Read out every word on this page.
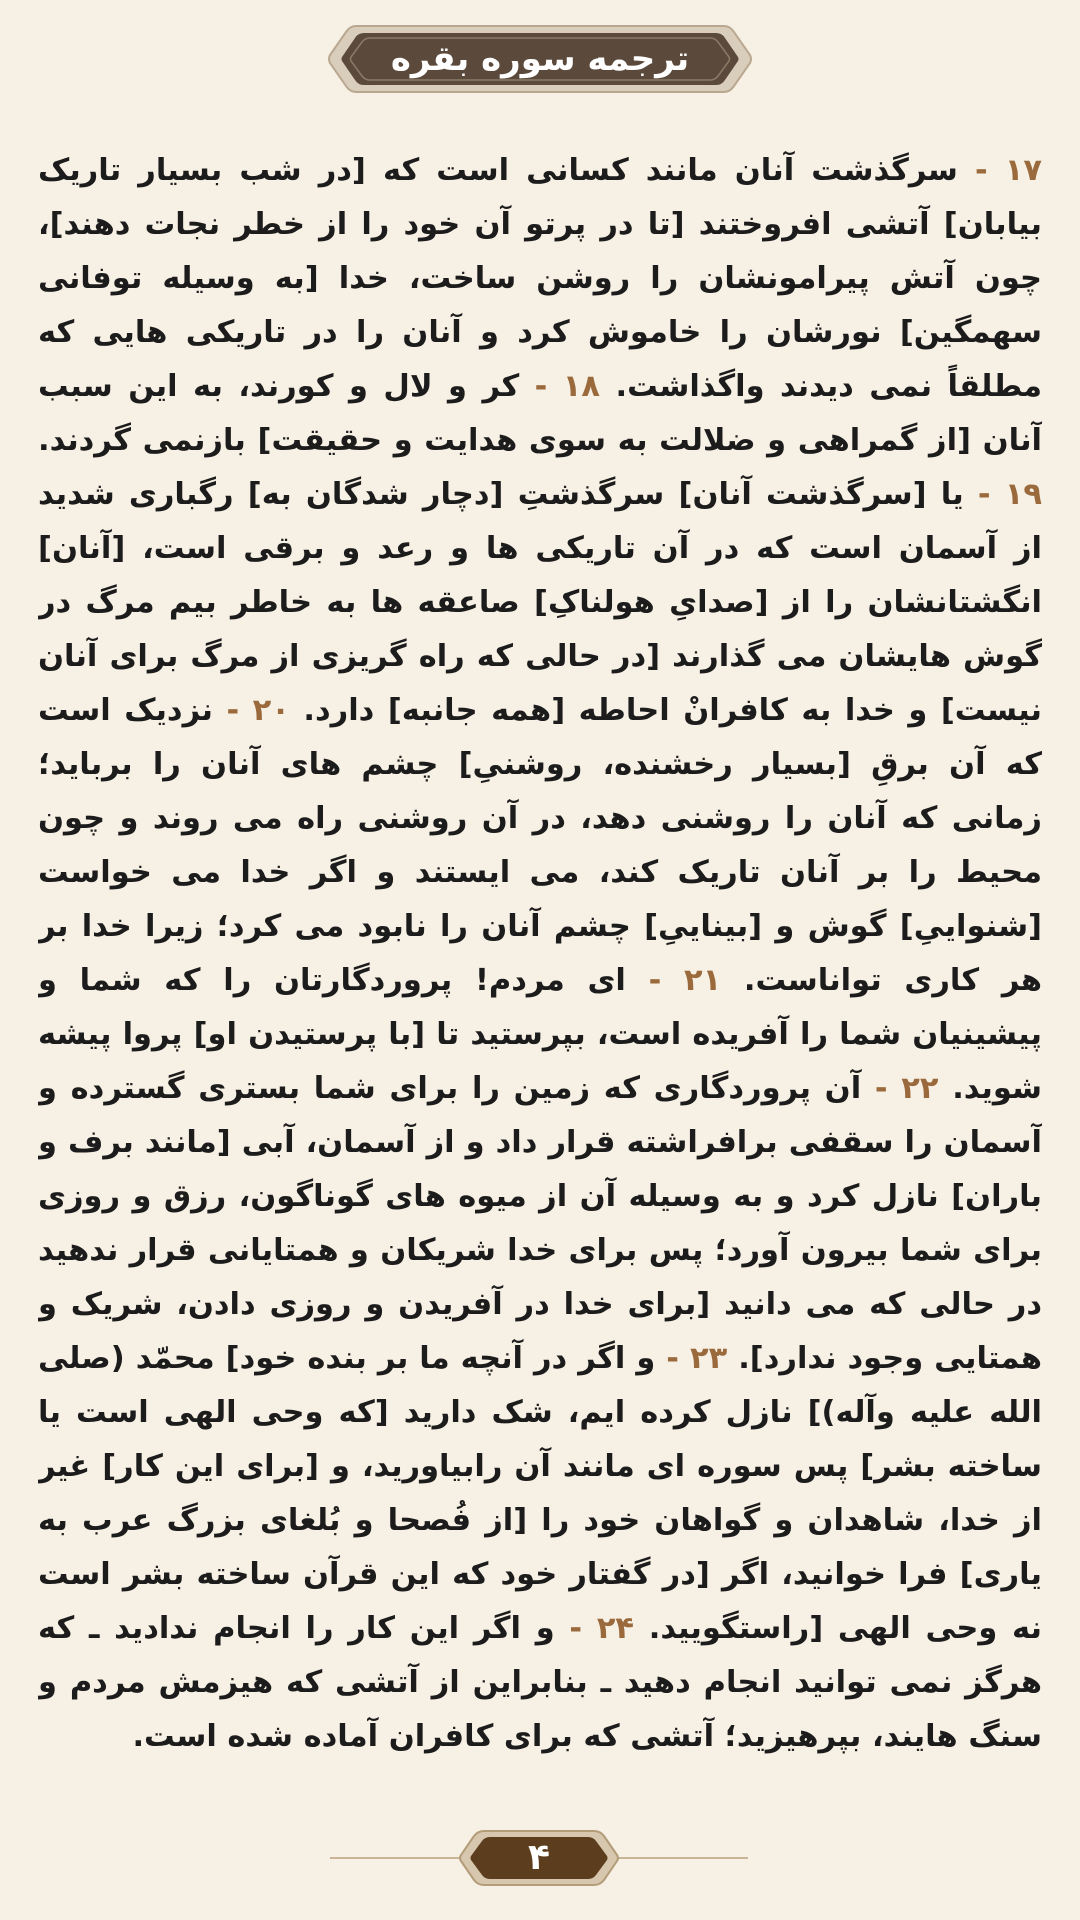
ترجمه سوره بقره
۱۷ - سرگذشت آنان مانند کسانی است که [در شب بسیار تاریک بیابان] آتشی افروختند [تا در پرتو آن خود را از خطر نجات دهند]، چون آتش پیرامونشان را روشن ساخت، خدا [به وسیله توفانی سهمگین] نورشان را خاموش کرد و آنان را در تاریکی هایی که مطلقاً نمی دیدند واگذاشت. ۱۸ - کر و لال و کورند، به این سبب آنان [از گمراهی و ضلالت به سوی هدایت و حقیقت] بازنمی گردند. ۱۹ - یا [سرگذشت آنان] سرگذشتِ [دچار شدگان به] رگباری شدید از آسمان است که در آن تاریکی ها و رعد و برقی است، [آنان] انگشتانشان را از [صدایِ هولناکِ] صاعقه ها به خاطر بیم مرگ در گوش هایشان می گذارند [در حالی که راه گریزی از مرگ برای آنان نیست] و خدا به کافرانْ احاطه [همه جانبه] دارد. ۲۰ - نزدیک است که آن برقِ [بسیار رخشنده، روشنیِ] چشم های آنان را برباید؛ زمانی که آنان را روشنی دهد، در آن روشنی راه می روند و چون محیط را بر آنان تاریک کند، می ایستند و اگر خدا می خواست [شنواییِ] گوش و [بیناییِ] چشم آنان را نابود می کرد؛ زیرا خدا بر هر کاری تواناست. ۲۱ - ای مردم! پروردگارتان را که شما و پیشینیان شما را آفریده است، بپرستید تا [با پرستیدن او] پروا پیشه شوید. ۲۲ - آن پروردگاری که زمین را برای شما بستری گسترده و آسمان را سقفی برافراشته قرار داد و از آسمان، آبی [مانند برف و باران] نازل کرد و به وسیله آن از میوه های گوناگون، رزق و روزی برای شما بیرون آورد؛ پس برای خدا شریکان و همتایانی قرار ندهید در حالی که می دانید [برای خدا در آفریدن و روزی دادن، شریک و همتایی وجود ندارد]. ۲۳ - و اگر در آنچه ما بر بنده خود] محمّد (صلی الله علیه وآله)] نازل کرده ایم، شک دارید [که وحی الهی است یا ساخته بشر] پس سوره ای مانند آن رابیاورید، و [برای این کار] غیر از خدا، شاهدان و گواهان خود را [از فُصحا و بُلغای بزرگ عرب به یاری] فرا خوانید، اگر [در گفتار خود که این قرآن ساخته بشر است نه وحی الهی [راستگویید. ۲۴ - و اگر این کار را انجام ندادید ـ که هرگز نمی توانید انجام دهید ـ بنابراین از آتشی که هیزمش مردم و سنگ هایند، بپرهیزید؛ آتشی که برای کافران آماده شده است.
۴
